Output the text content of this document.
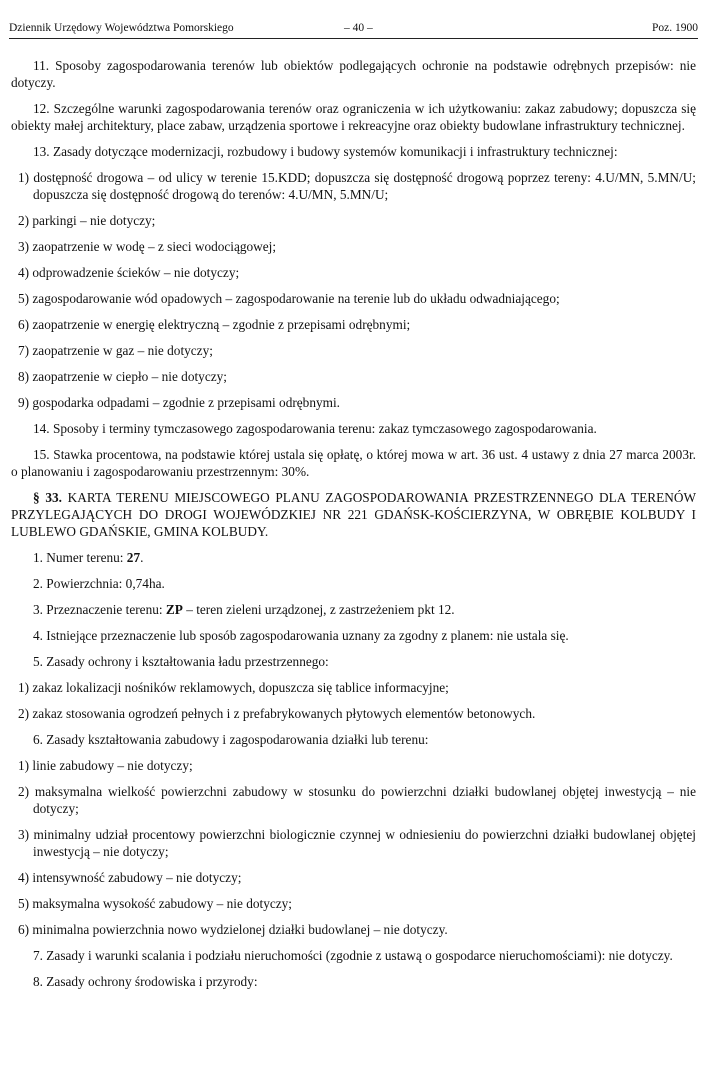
Dziennik Urzędowy Województwa Pomorskiego	– 40 –	Poz. 1900

11. Sposoby zagospodarowania terenów lub obiektów podlegających ochronie na podstawie odrębnych przepisów: nie dotyczy.

12. Szczególne warunki zagospodarowania terenów oraz ograniczenia w ich użytkowaniu: zakaz zabudowy; dopuszcza się obiekty małej architektury, place zabaw, urządzenia sportowe i rekreacyjne oraz obiekty budowlane infrastruktury technicznej.

13. Zasady dotyczące modernizacji, rozbudowy i budowy systemów komunikacji i infrastruktury technicznej:

1) dostępność drogowa – od ulicy w terenie 15.KDD; dopuszcza się dostępność drogową poprzez tereny: 4.U/MN, 5.MN/U; dopuszcza się dostępność drogową do terenów: 4.U/MN, 5.MN/U;

2) parkingi – nie dotyczy;

3) zaopatrzenie w wodę – z sieci wodociągowej;

4) odprowadzenie ścieków – nie dotyczy;

5) zagospodarowanie wód opadowych – zagospodarowanie na terenie lub do układu odwadniającego;

6) zaopatrzenie w energię elektryczną – zgodnie z przepisami odrębnymi;

7) zaopatrzenie w gaz – nie dotyczy;

8) zaopatrzenie w ciepło – nie dotyczy;

9) gospodarka odpadami – zgodnie z przepisami odrębnymi.

14. Sposoby i terminy tymczasowego zagospodarowania terenu: zakaz tymczasowego zagospodarowania.

15. Stawka procentowa, na podstawie której ustala się opłatę, o której mowa w art. 36 ust. 4 ustawy z dnia 27 marca 2003r. o planowaniu i zagospodarowaniu przestrzennym: 30%.

§ 33. KARTA TERENU MIEJSCOWEGO PLANU ZAGOSPODAROWANIA PRZESTRZENNEGO DLA TERENÓW PRZYLEGAJĄCYCH DO DROGI WOJEWÓDZKIEJ NR 221 GDAŃSK-KOŚCIERZYNA, W OBRĘBIE KOLBUDY I LUBLEWO GDAŃSKIE, GMINA KOLBUDY.

1. Numer terenu: 27.

2. Powierzchnia: 0,74ha.

3. Przeznaczenie terenu: ZP – teren zieleni urządzonej, z zastrzeżeniem pkt 12.

4. Istniejące przeznaczenie lub sposób zagospodarowania uznany za zgodny z planem: nie ustala się.

5. Zasady ochrony i kształtowania ładu przestrzennego:

1) zakaz lokalizacji nośników reklamowych, dopuszcza się tablice informacyjne;

2) zakaz stosowania ogrodzeń pełnych i z prefabrykowanych płytowych elementów betonowych.

6. Zasady kształtowania zabudowy i zagospodarowania działki lub terenu:

1) linie zabudowy – nie dotyczy;

2) maksymalna wielkość powierzchni zabudowy w stosunku do powierzchni działki budowlanej objętej inwestycją – nie dotyczy;

3) minimalny udział procentowy powierzchni biologicznie czynnej w odniesieniu do powierzchni działki budowlanej objętej inwestycją – nie dotyczy;

4) intensywność zabudowy – nie dotyczy;

5) maksymalna wysokość zabudowy – nie dotyczy;

6) minimalna powierzchnia nowo wydzielonej działki budowlanej – nie dotyczy.

7. Zasady i warunki scalania i podziału nieruchomości (zgodnie z ustawą o gospodarce nieruchomościami): nie dotyczy.

8. Zasady ochrony środowiska i przyrody:
